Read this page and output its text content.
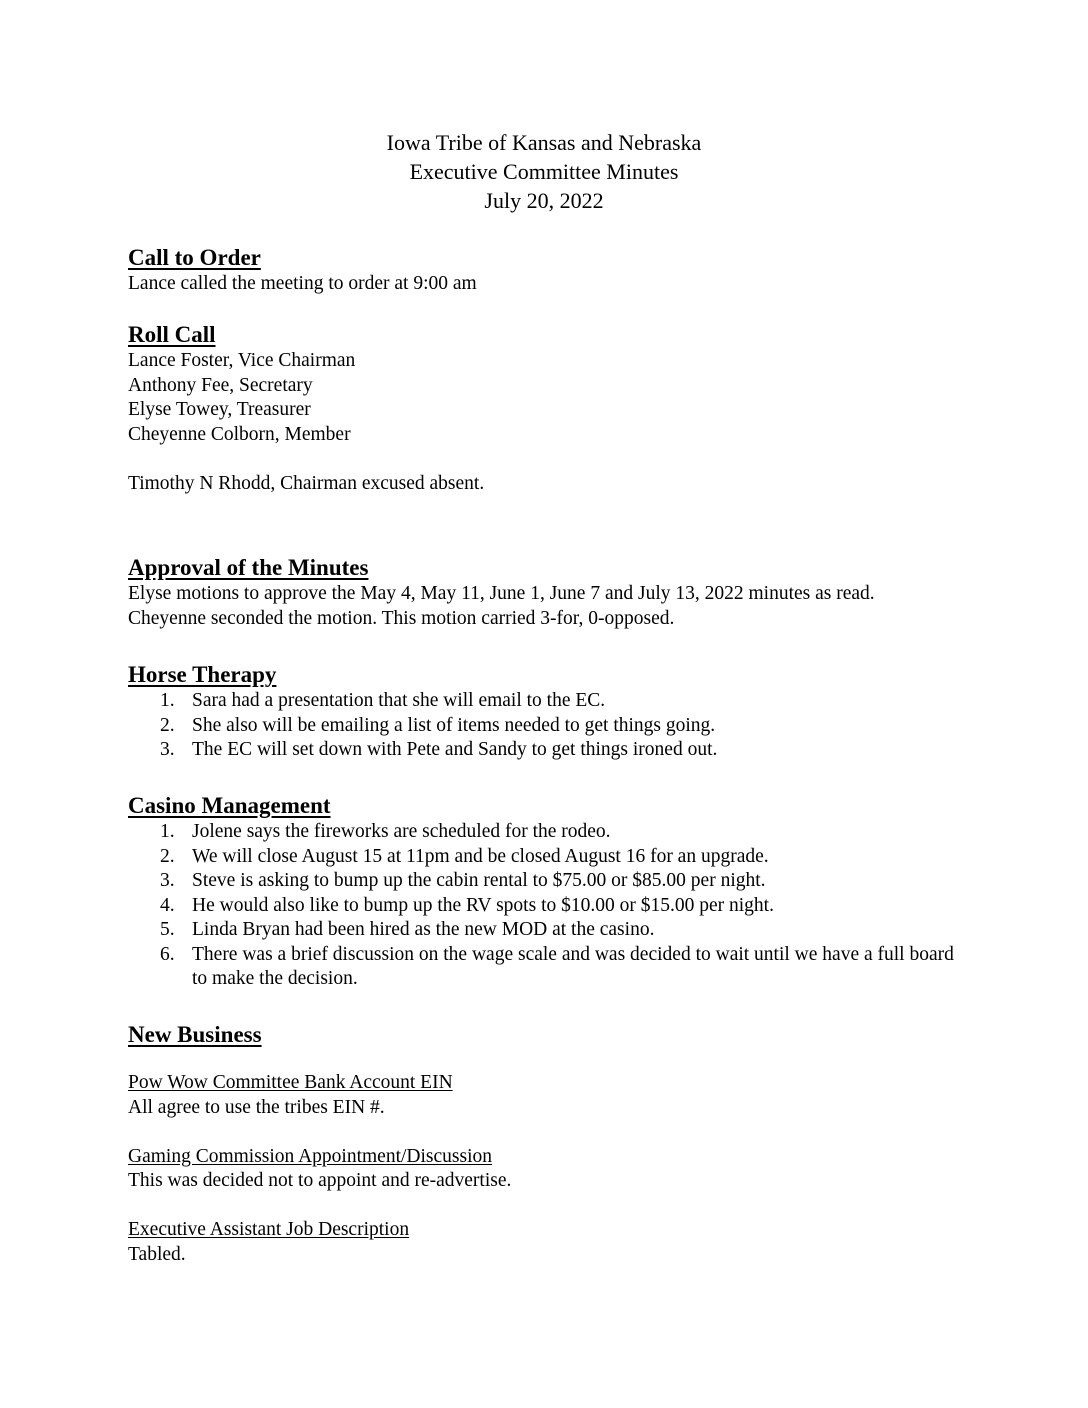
Iowa Tribe of Kansas and Nebraska
Executive Committee Minutes
July 20, 2022
Call to Order
Lance called the meeting to order at 9:00 am
Roll Call
Lance Foster, Vice Chairman
Anthony Fee, Secretary
Elyse Towey, Treasurer
Cheyenne Colborn, Member
Timothy N Rhodd, Chairman excused absent.
Approval of the Minutes
Elyse motions to approve the May 4, May 11, June 1, June 7 and July 13, 2022 minutes as read.
Cheyenne seconded the motion. This motion carried 3-for, 0-opposed.
Horse Therapy
1. Sara had a presentation that she will email to the EC.
2. She also will be emailing a list of items needed to get things going.
3. The EC will set down with Pete and Sandy to get things ironed out.
Casino Management
1. Jolene says the fireworks are scheduled for the rodeo.
2. We will close August 15 at 11pm and be closed August 16 for an upgrade.
3. Steve is asking to bump up the cabin rental to $75.00 or $85.00 per night.
4. He would also like to bump up the RV spots to $10.00 or $15.00 per night.
5. Linda Bryan had been hired as the new MOD at the casino.
6. There was a brief discussion on the wage scale and was decided to wait until we have a full board to make the decision.
New Business
Pow Wow Committee Bank Account EIN
All agree to use the tribes EIN #.
Gaming Commission Appointment/Discussion
This was decided not to appoint and re-advertise.
Executive Assistant Job Description
Tabled.
